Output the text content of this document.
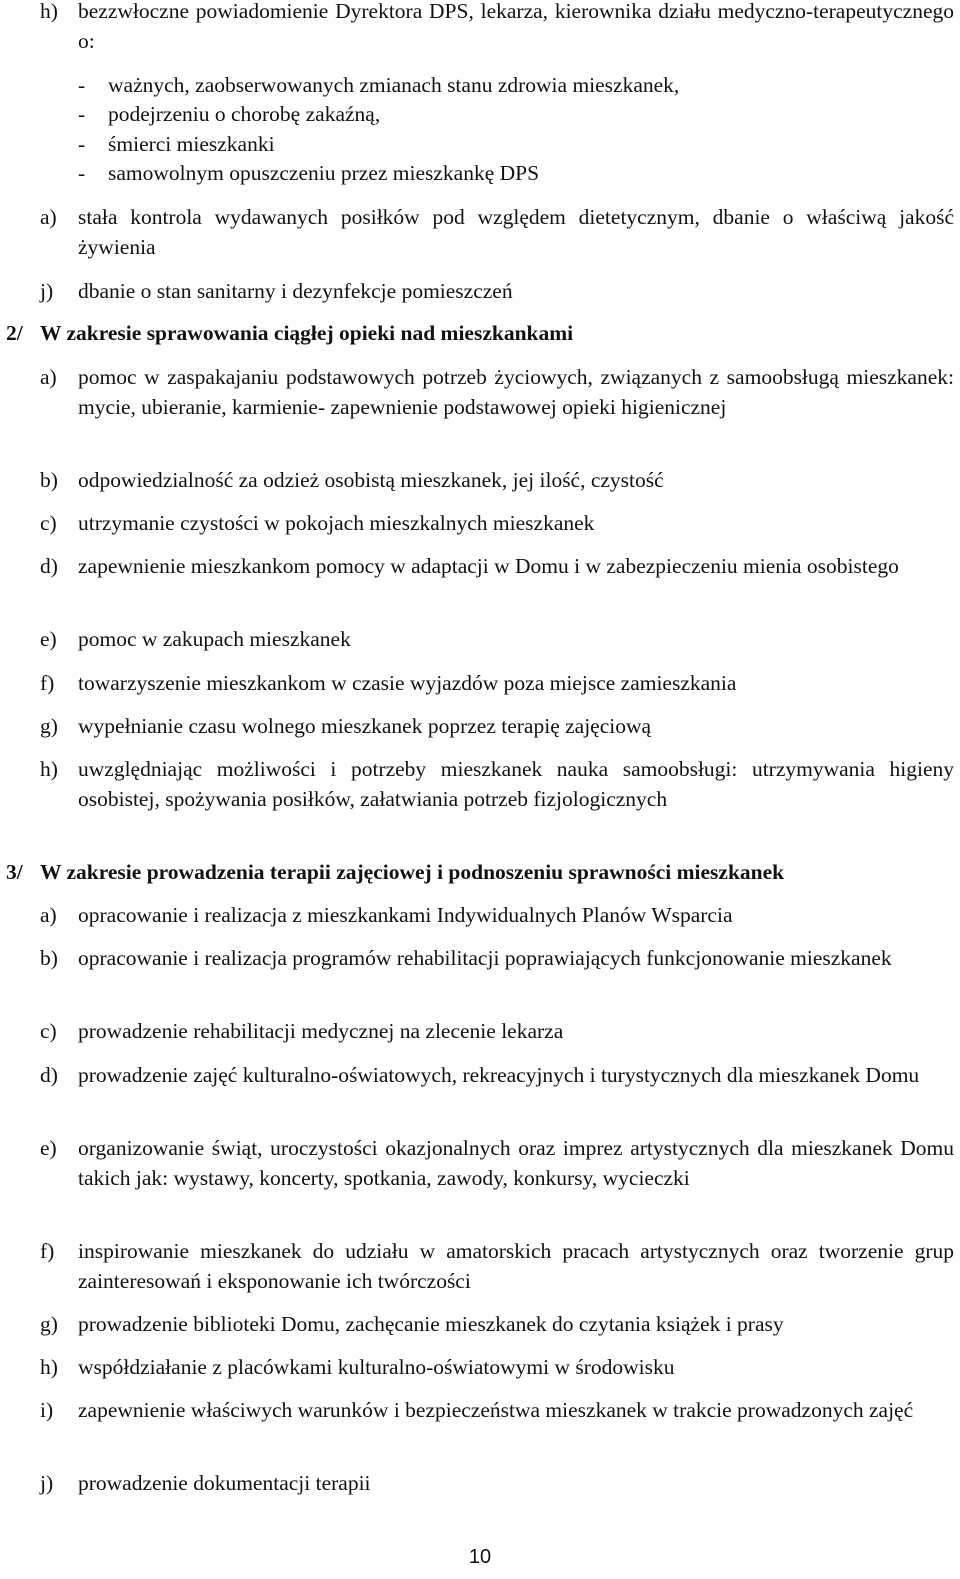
h) bezzwłoczne powiadomienie Dyrektora DPS, lekarza, kierownika działu medyczno-terapeutycznego o:
-	ważnych, zaobserwowanych zmianach stanu zdrowia mieszkanek,
-	podejrzeniu o chorobę zakaźną,
-	śmierci mieszkanki
-	samowolnym opuszczeniu przez mieszkankę DPS
a) stała kontrola wydawanych posiłków pod względem dietetycznym, dbanie o właściwą jakość żywienia
j)	dbanie o stan sanitarny i dezynfekcje pomieszczeń
2/ W zakresie sprawowania ciągłej opieki nad mieszkankami
a) pomoc w zaspakajaniu podstawowych potrzeb życiowych, związanych z samoobsługą mieszkanek: mycie, ubieranie, karmienie- zapewnienie podstawowej opieki higienicznej
b) odpowiedzialność za odzież osobistą mieszkanek, jej ilość, czystość
c) utrzymanie czystości w pokojach mieszkalnych mieszkanek
d) zapewnienie mieszkankom pomocy w adaptacji w Domu i w zabezpieczeniu mienia osobistego
e) pomoc w zakupach mieszkanek
f)	towarzyszenie mieszkankom w czasie wyjazdów poza miejsce zamieszkania
g) wypełnianie czasu wolnego mieszkanek poprzez terapię zajęciową
h) uwzględniając możliwości i potrzeby mieszkanek nauka samoobsługi: utrzymywania higieny osobistej, spożywania posiłków, załatwiania potrzeb fizjologicznych
3/ W zakresie prowadzenia terapii zajęciowej i podnoszeniu sprawności mieszkanek
a) opracowanie i realizacja z mieszkankami Indywidualnych Planów Wsparcia
b) opracowanie i realizacja programów rehabilitacji poprawiających funkcjonowanie mieszkanek
c) prowadzenie rehabilitacji medycznej na zlecenie lekarza
d) prowadzenie zajęć kulturalno-oświatowych, rekreacyjnych i turystycznych dla mieszkanek Domu
e) organizowanie świąt, uroczystości okazjonalnych oraz imprez artystycznych dla mieszkanek Domu takich jak: wystawy, koncerty, spotkania, zawody, konkursy, wycieczki
f)	inspirowanie mieszkanek do udziału w amatorskich pracach artystycznych oraz tworzenie grup zainteresowań i eksponowanie ich twórczości
g) prowadzenie biblioteki Domu, zachęcanie mieszkanek do czytania książek i prasy
h) współdziałanie z placówkami kulturalno-oświatowymi w środowisku
i)	zapewnienie właściwych warunków i bezpieczeństwa mieszkanek w trakcie prowadzonych zajęć
j)	prowadzenie dokumentacji terapii
10
